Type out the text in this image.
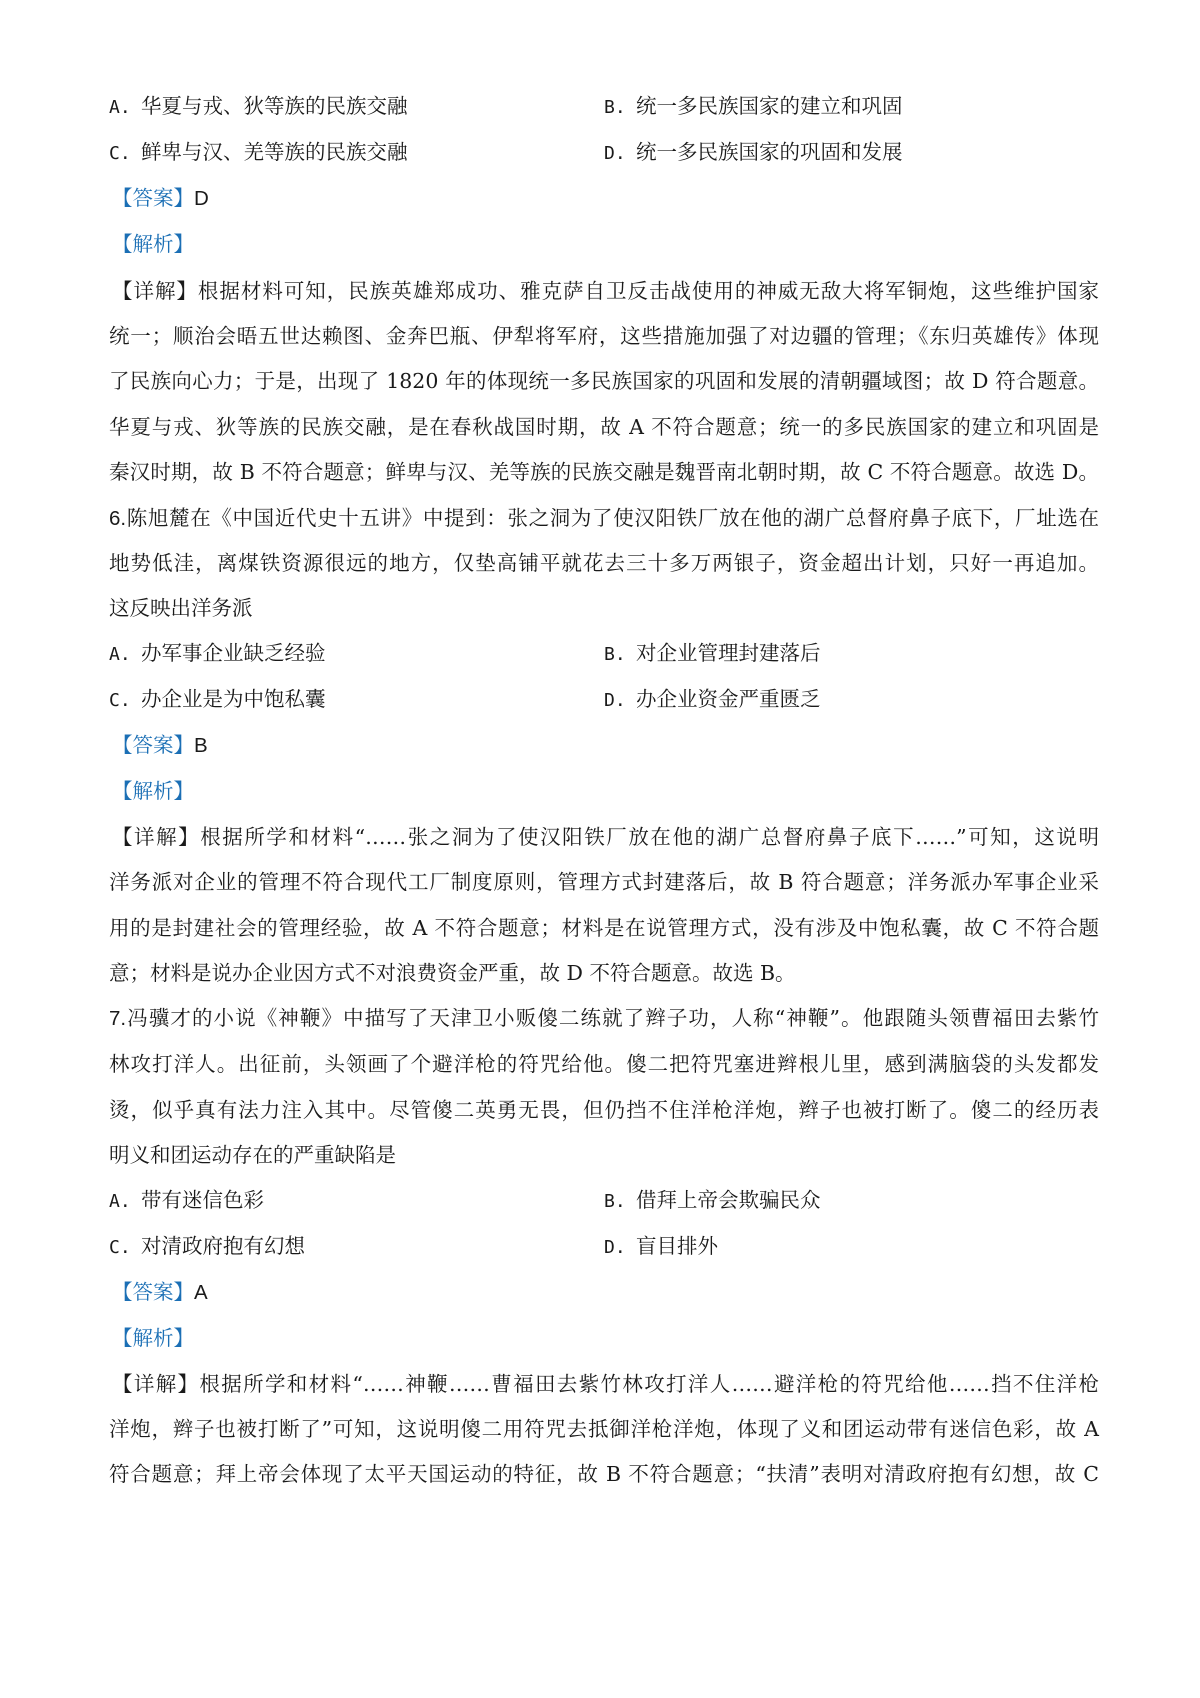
A. 华夏与戎、狄等族的民族交融	B. 统一多民族国家的建立和巩固
C. 鲜卑与汉、羌等族的民族交融	D. 统一多民族国家的巩固和发展
【答案】D
【解析】
【详解】根据材料可知，民族英雄郑成功、雅克萨自卫反击战使用的神威无敌大将军铜炮，这些维护国家
统一；顺治会晤五世达赖图、金奔巴瓶、伊犁将军府，这些措施加强了对边疆的管理；《东归英雄传》体现
了民族向心力；于是，出现了 1820 年的体现统一多民族国家的巩固和发展的清朝疆域图；故 D 符合题意。
华夏与戎、狄等族的民族交融，是在春秋战国时期，故 A 不符合题意；统一的多民族国家的建立和巩固是
秦汉时期，故 B 不符合题意；鲜卑与汉、羌等族的民族交融是魏晋南北朝时期，故 C 不符合题意。故选 D。
6.陈旭麓在《中国近代史十五讲》中提到：张之洞为了使汉阳铁厂放在他的湖广总督府鼻子底下，厂址选在
地势低洼，离煤铁资源很远的地方，仅垫高铺平就花去三十多万两银子，资金超出计划，只好一再追加。
这反映出洋务派
A. 办军事企业缺乏经验	B. 对企业管理封建落后
C. 办企业是为中饱私囊	D. 办企业资金严重匮乏
【答案】B
【解析】
【详解】根据所学和材料“……张之洞为了使汉阳铁厂放在他的湖广总督府鼻子底下……”可知，这说明
洋务派对企业的管理不符合现代工厂制度原则，管理方式封建落后，故 B 符合题意；洋务派办军事企业采
用的是封建社会的管理经验，故 A 不符合题意；材料是在说管理方式，没有涉及中饱私囊，故 C 不符合题
意；材料是说办企业因方式不对浪费资金严重，故 D 不符合题意。故选 B。
7.冯骥才的小说《神鞭》中描写了天津卫小贩傻二练就了辫子功，人称“神鞭”。他跟随头领曹福田去紫竹
林攻打洋人。出征前，头领画了个避洋枪的符咒给他。傻二把符咒塞进辫根儿里，感到满脑袋的头发都发
烫，似乎真有法力注入其中。尽管傻二英勇无畏，但仍挡不住洋枪洋炮，辫子也被打断了。傻二的经历表
明义和团运动存在的严重缺陷是
A. 带有迷信色彩	B. 借拜上帝会欺骗民众
C. 对清政府抱有幻想	D. 盲目排外
【答案】A
【解析】
【详解】根据所学和材料“……神鞭……曹福田去紫竹林攻打洋人……避洋枪的符咒给他……挡不住洋枪
洋炮，辫子也被打断了”可知，这说明傻二用符咒去抵御洋枪洋炮，体现了义和团运动带有迷信色彩，故 A
符合题意；拜上帝会体现了太平天国运动的特征，故 B 不符合题意；“扶清”表明对清政府抱有幻想，故 C
